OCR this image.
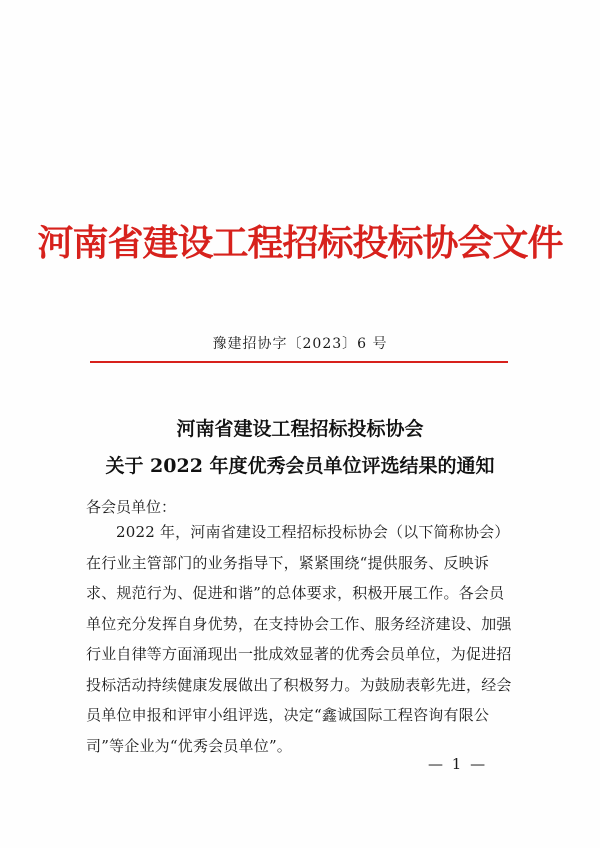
河南省建设工程招标投标协会文件
豫建招协字〔2023〕6 号
河南省建设工程招标投标协会
关于 2022 年度优秀会员单位评选结果的通知
各会员单位：
2022 年，河南省建设工程招标投标协会（以下简称协会）
在行业主管部门的业务指导下，紧紧围绕“提供服务、反映诉
求、规范行为、促进和谐”的总体要求，积极开展工作。各会员
单位充分发挥自身优势，在支持协会工作、服务经济建设、加强
行业自律等方面涌现出一批成效显著的优秀会员单位，为促进招
投标活动持续健康发展做出了积极努力。为鼓励表彰先进，经会
员单位申报和评审小组评选，决定“鑫诚国际工程咨询有限公
司”等企业为“优秀会员单位”。
— 1 —
